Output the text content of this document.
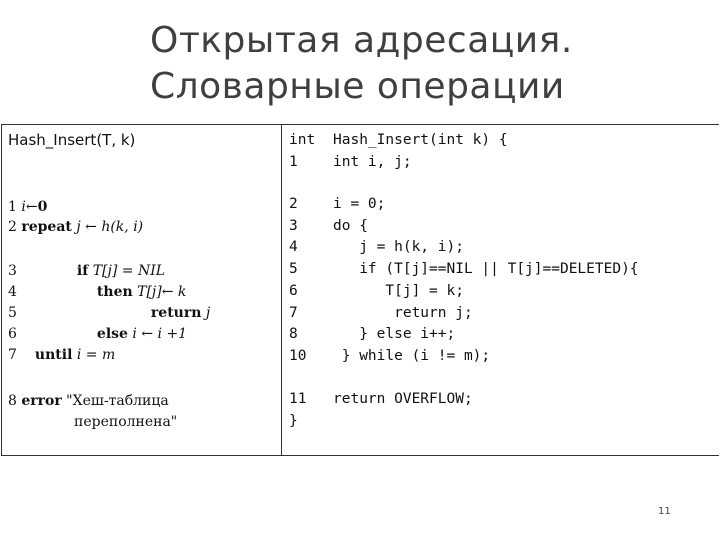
Открытая адресация.
Словарные операции
Hash_Insert(T, k)
1 i←0
2 repeat j ← h(k, i)
3	if T[j] = NIL
4	then T[j]← k
5	return j
6	else i ← i +1
7 until i = m
8 error "Хеш-таблица
переполнена"
int Hash_Insert(int k) {
1 int i, j;
2 i = 0;
3 do {
4   j = h(k, i);
5   if (T[j]==NIL || T[j]==DELETED){
6      T[j] = k;
7       return j;
8   } else i++;
10 } while (i != m);
11 return OVERFLOW;
}
11
